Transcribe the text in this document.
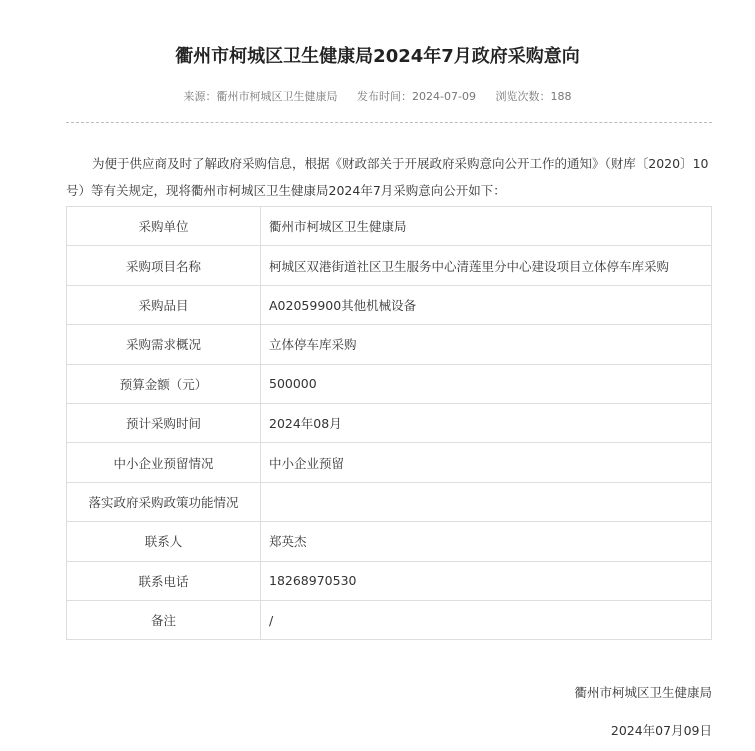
衢州市柯城区卫生健康局2024年7月政府采购意向
来源：衢州市柯城区卫生健康局 发布时间：2024-07-09 浏览次数：188

为便于供应商及时了解政府采购信息，根据《财政部关于开展政府采购意向公开工作的通知》（财库〔2020〕10号）等有关规定，现将衢州市柯城区卫生健康局2024年7月采购意向公开如下：

采购单位	衢州市柯城区卫生健康局
采购项目名称	柯城区双港街道社区卫生服务中心清莲里分中心建设项目立体停车库采购
采购品目	A02059900其他机械设备
采购需求概况	立体停车库采购
预算金额（元）	500000
预计采购时间	2024年08月
中小企业预留情况	中小企业预留
落实政府采购政策功能情况	
联系人	郑英杰
联系电话	18268970530
备注	/
衢州市柯城区卫生健康局
2024年07月09日
